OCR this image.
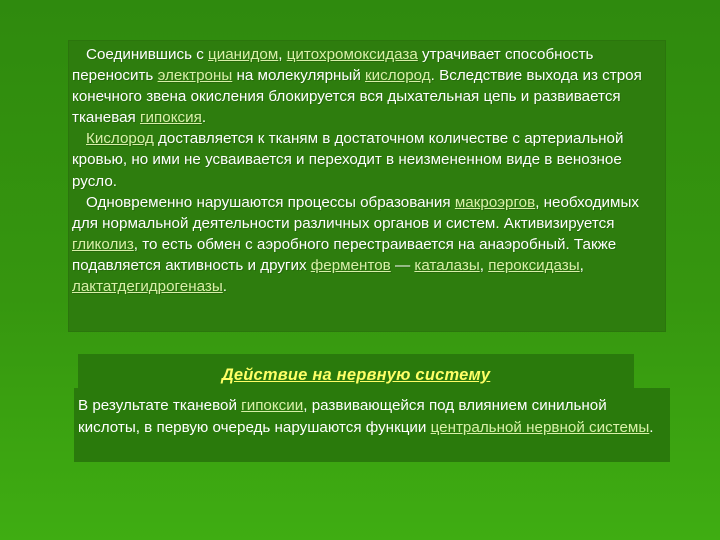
Соединившись с цианидом, цитохромоксидаза утрачивает способность переносить электроны на молекулярный кислород. Вследствие выхода из строя конечного звена окисления блокируется вся дыхательная цепь и развивается тканевая гипоксия.

Кислород доставляется к тканям в достаточном количестве с артериальной кровью, но ими не усваивается и переходит в неизмененном виде в венозное русло.

Одновременно нарушаются процессы образования макроэргов, необходимых для нормальной деятельности различных органов и систем. Активизируется гликолиз, то есть обмен с аэробного перестраивается на анаэробный. Также подавляется активность и других ферментов — каталазы, пероксидазы, лактатдегидрогеназы.

Действие на нервную систему
В результате тканевой гипоксии, развивающейся под влиянием синильной кислоты, в первую очередь нарушаются функции центральной нервной системы.
